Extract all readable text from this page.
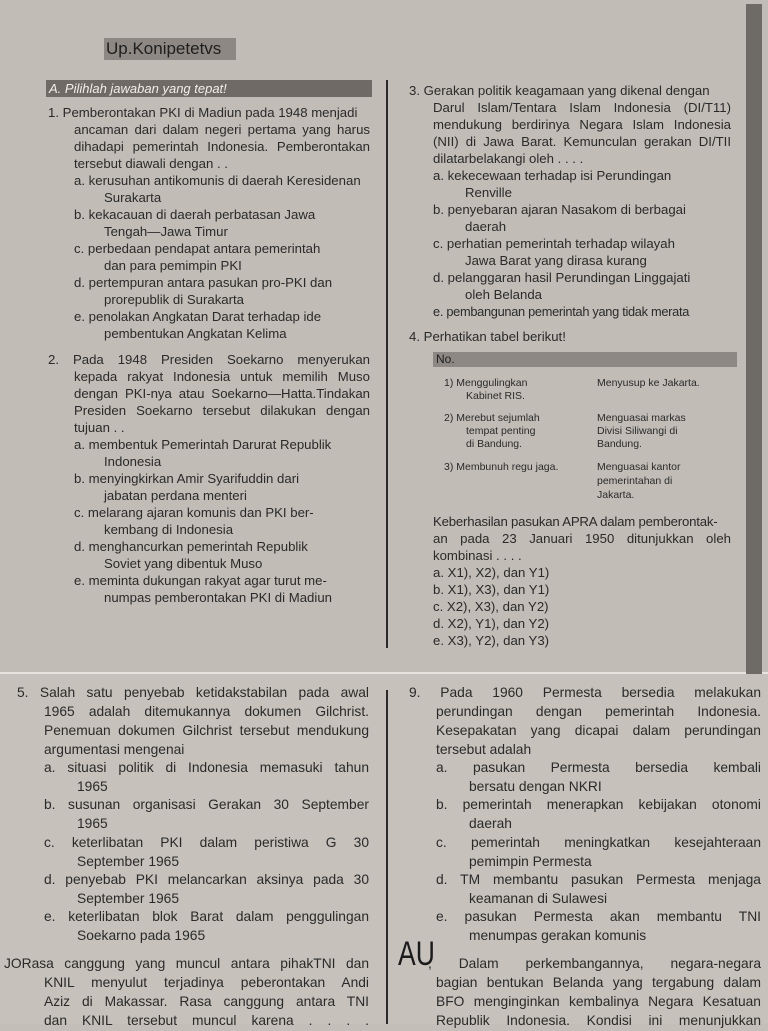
Up.Konipetetvs
A. Pilihlah jawaban yang tepat!
1. Pemberontakan PKI di Madiun pada 1948 menjadi
ancaman dari dalam negeri pertama yang harus
dihadapi pemerintah Indonesia. Pemberontakan
tersebut diawali dengan . .
a. kerusuhan antikomunis di daerah Keresidenan
Surakarta
b. kekacauan di daerah perbatasan Jawa
Tengah—Jawa Timur
c. perbedaan pendapat antara pemerintah
dan para pemimpin PKI
d. pertempuran antara pasukan pro-PKI dan
prorepublik di Surakarta
e. penolakan Angkatan Darat terhadap ide
pembentukan Angkatan Kelima
2. Pada 1948 Presiden Soekarno menyerukan
kepada rakyat Indonesia untuk memilih Muso
dengan PKI-nya atau Soekarno—Hatta.Tindakan
Presiden Soekarno tersebut dilakukan dengan
tujuan . .
a. membentuk Pemerintah Darurat Republik
Indonesia
b. menyingkirkan Amir Syarifuddin dari
jabatan perdana menteri
c. melarang ajaran komunis dan PKI ber-
kembang di Indonesia
d. menghancurkan pemerintah Republik
Soviet yang dibentuk Muso
e. meminta dukungan rakyat agar turut me-
numpas pemberontakan PKI di Madiun
3. Gerakan politik keagamaan yang dikenal dengan
Darul Islam/Tentara Islam Indonesia (DI/T11)
mendukung berdirinya Negara Islam Indonesia
(NII) di Jawa Barat. Kemunculan gerakan DI/TII
dilatarbelakangi oleh . . . .
a. kekecewaan terhadap isi Perundingan
Renville
b. penyebaran ajaran Nasakom di berbagai
daerah
c. perhatian pemerintah terhadap wilayah
Jawa Barat yang dirasa kurang
d. pelanggaran hasil Perundingan Linggajati
oleh Belanda
e. pembangunan pemerintah yang tidak merata
4. Perhatikan tabel berikut!
No.
1) Menggulingkan
Kabinet RIS.
Menyusup ke Jakarta.
2) Merebut sejumlah
tempat penting
di Bandung.
Menguasai markas
Divisi Siliwangi di
Bandung.
3) Membunuh regu jaga.	Menguasai kantor
pemerintahan di
Jakarta.
Keberhasilan pasukan APRA dalam pemberontak-
an pada 23 Januari 1950 ditunjukkan oleh
kombinasi . . . .
a. X1), X2), dan Y1)
b. X1), X3), dan Y1)
c. X2), X3), dan Y2)
d. X2), Y1), dan Y2)
e. X3), Y2), dan Y3)
5. Salah satu penyebab ketidakstabilan pada awal
1965 adalah ditemukannya dokumen Gilchrist.
Penemuan dokumen Gilchrist tersebut mendukung
argumentasi mengenai
a. situasi politik di Indonesia memasuki tahun
1965
b. susunan organisasi Gerakan 30 September
1965
c. keterlibatan PKI dalam peristiwa G 30
September 1965
d. penyebab PKI melancarkan aksinya pada 30
September 1965
e. keterlibatan blok Barat dalam penggulingan
Soekarno pada 1965
JORasa canggung yang muncul antara pihakTNI dan
KNIL menyulut terjadinya peberontakan Andi
Aziz di Makassar. Rasa canggung antara TNI
dan KNIL tersebut muncul karena . . . .
9. Pada 1960 Permesta bersedia melakukan
perundingan dengan pemerintah Indonesia.
Kesepakatan yang dicapai dalam perundingan
tersebut adalah
a. pasukan Permesta bersedia kembali
bersatu dengan NKRI
b. pemerintah menerapkan kebijakan otonomi
daerah
c. pemerintah meningkatkan kesejahteraan
pemimpin Permesta
d. TM membantu pasukan Permesta menjaga
keamanan di Sulawesi
e. pasukan Permesta akan membantu TNI
menumpas gerakan komunis
AU
, Dalam perkembangannya, negara-negara
bagian bentukan Belanda yang tergabung dalam
BFO menginginkan kembalinya Negara Kesatuan
Republik Indonesia. Kondisi ini menunjukkan
